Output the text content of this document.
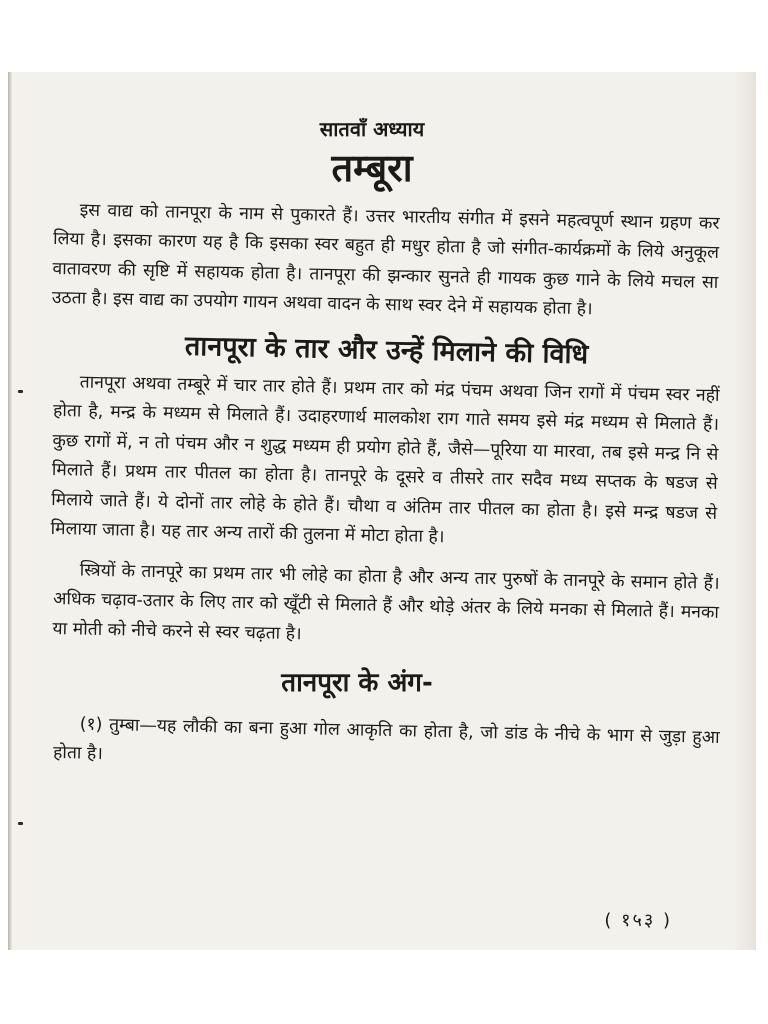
सातवाँ अध्याय

तम्बूरा

इस वाद्य को तानपूरा के नाम से पुकारते हैं। उत्तर भारतीय संगीत में इसने महत्वपूर्ण स्थान ग्रहण कर लिया है। इसका कारण यह है कि इसका स्वर बहुत ही मधुर होता है जो संगीत-कार्यक्रमों के लिये अनुकूल वातावरण की सृष्टि में सहायक होता है। तानपूरा की झन्कार सुनते ही गायक कुछ गाने के लिये मचल सा उठता है। इस वाद्य का उपयोग गायन अथवा वादन के साथ स्वर देने में सहायक होता है।

तानपूरा के तार और उन्हें मिलाने की विधि

तानपूरा अथवा तम्बूरे में चार तार होते हैं। प्रथम तार को मंद्र पंचम अथवा जिन रागों में पंचम स्वर नहीं होता है, मन्द्र के मध्यम से मिलाते हैं। उदाहरणार्थ मालकोश राग गाते समय इसे मंद्र मध्यम से मिलाते हैं। कुछ रागों में, न तो पंचम और न शुद्ध मध्यम ही प्रयोग होते हैं, जैसे—पूरिया या मारवा, तब इसे मन्द्र नि से मिलाते हैं। प्रथम तार पीतल का होता है। तानपूरे के दूसरे व तीसरे तार सदैव मध्य सप्तक के षडज से मिलाये जाते हैं। ये दोनों तार लोहे के होते हैं। चौथा व अंतिम तार पीतल का होता है। इसे मन्द्र षडज से मिलाया जाता है। यह तार अन्य तारों की तुलना में मोटा होता है।

स्त्रियों के तानपूरे का प्रथम तार भी लोहे का होता है और अन्य तार पुरुषों के तानपूरे के समान होते हैं। अधिक चढ़ाव-उतार के लिए तार को खूँटी से मिलाते हैं और थोड़े अंतर के लिये मनका से मिलाते हैं। मनका या मोती को नीचे करने से स्वर चढ़ता है।

तानपूरा के अंग-

(१) तुम्बा—यह लौकी का बना हुआ गोल आकृति का होता है, जो डांड के नीचे के भाग से जुड़ा हुआ होता है।

( १५३ )
